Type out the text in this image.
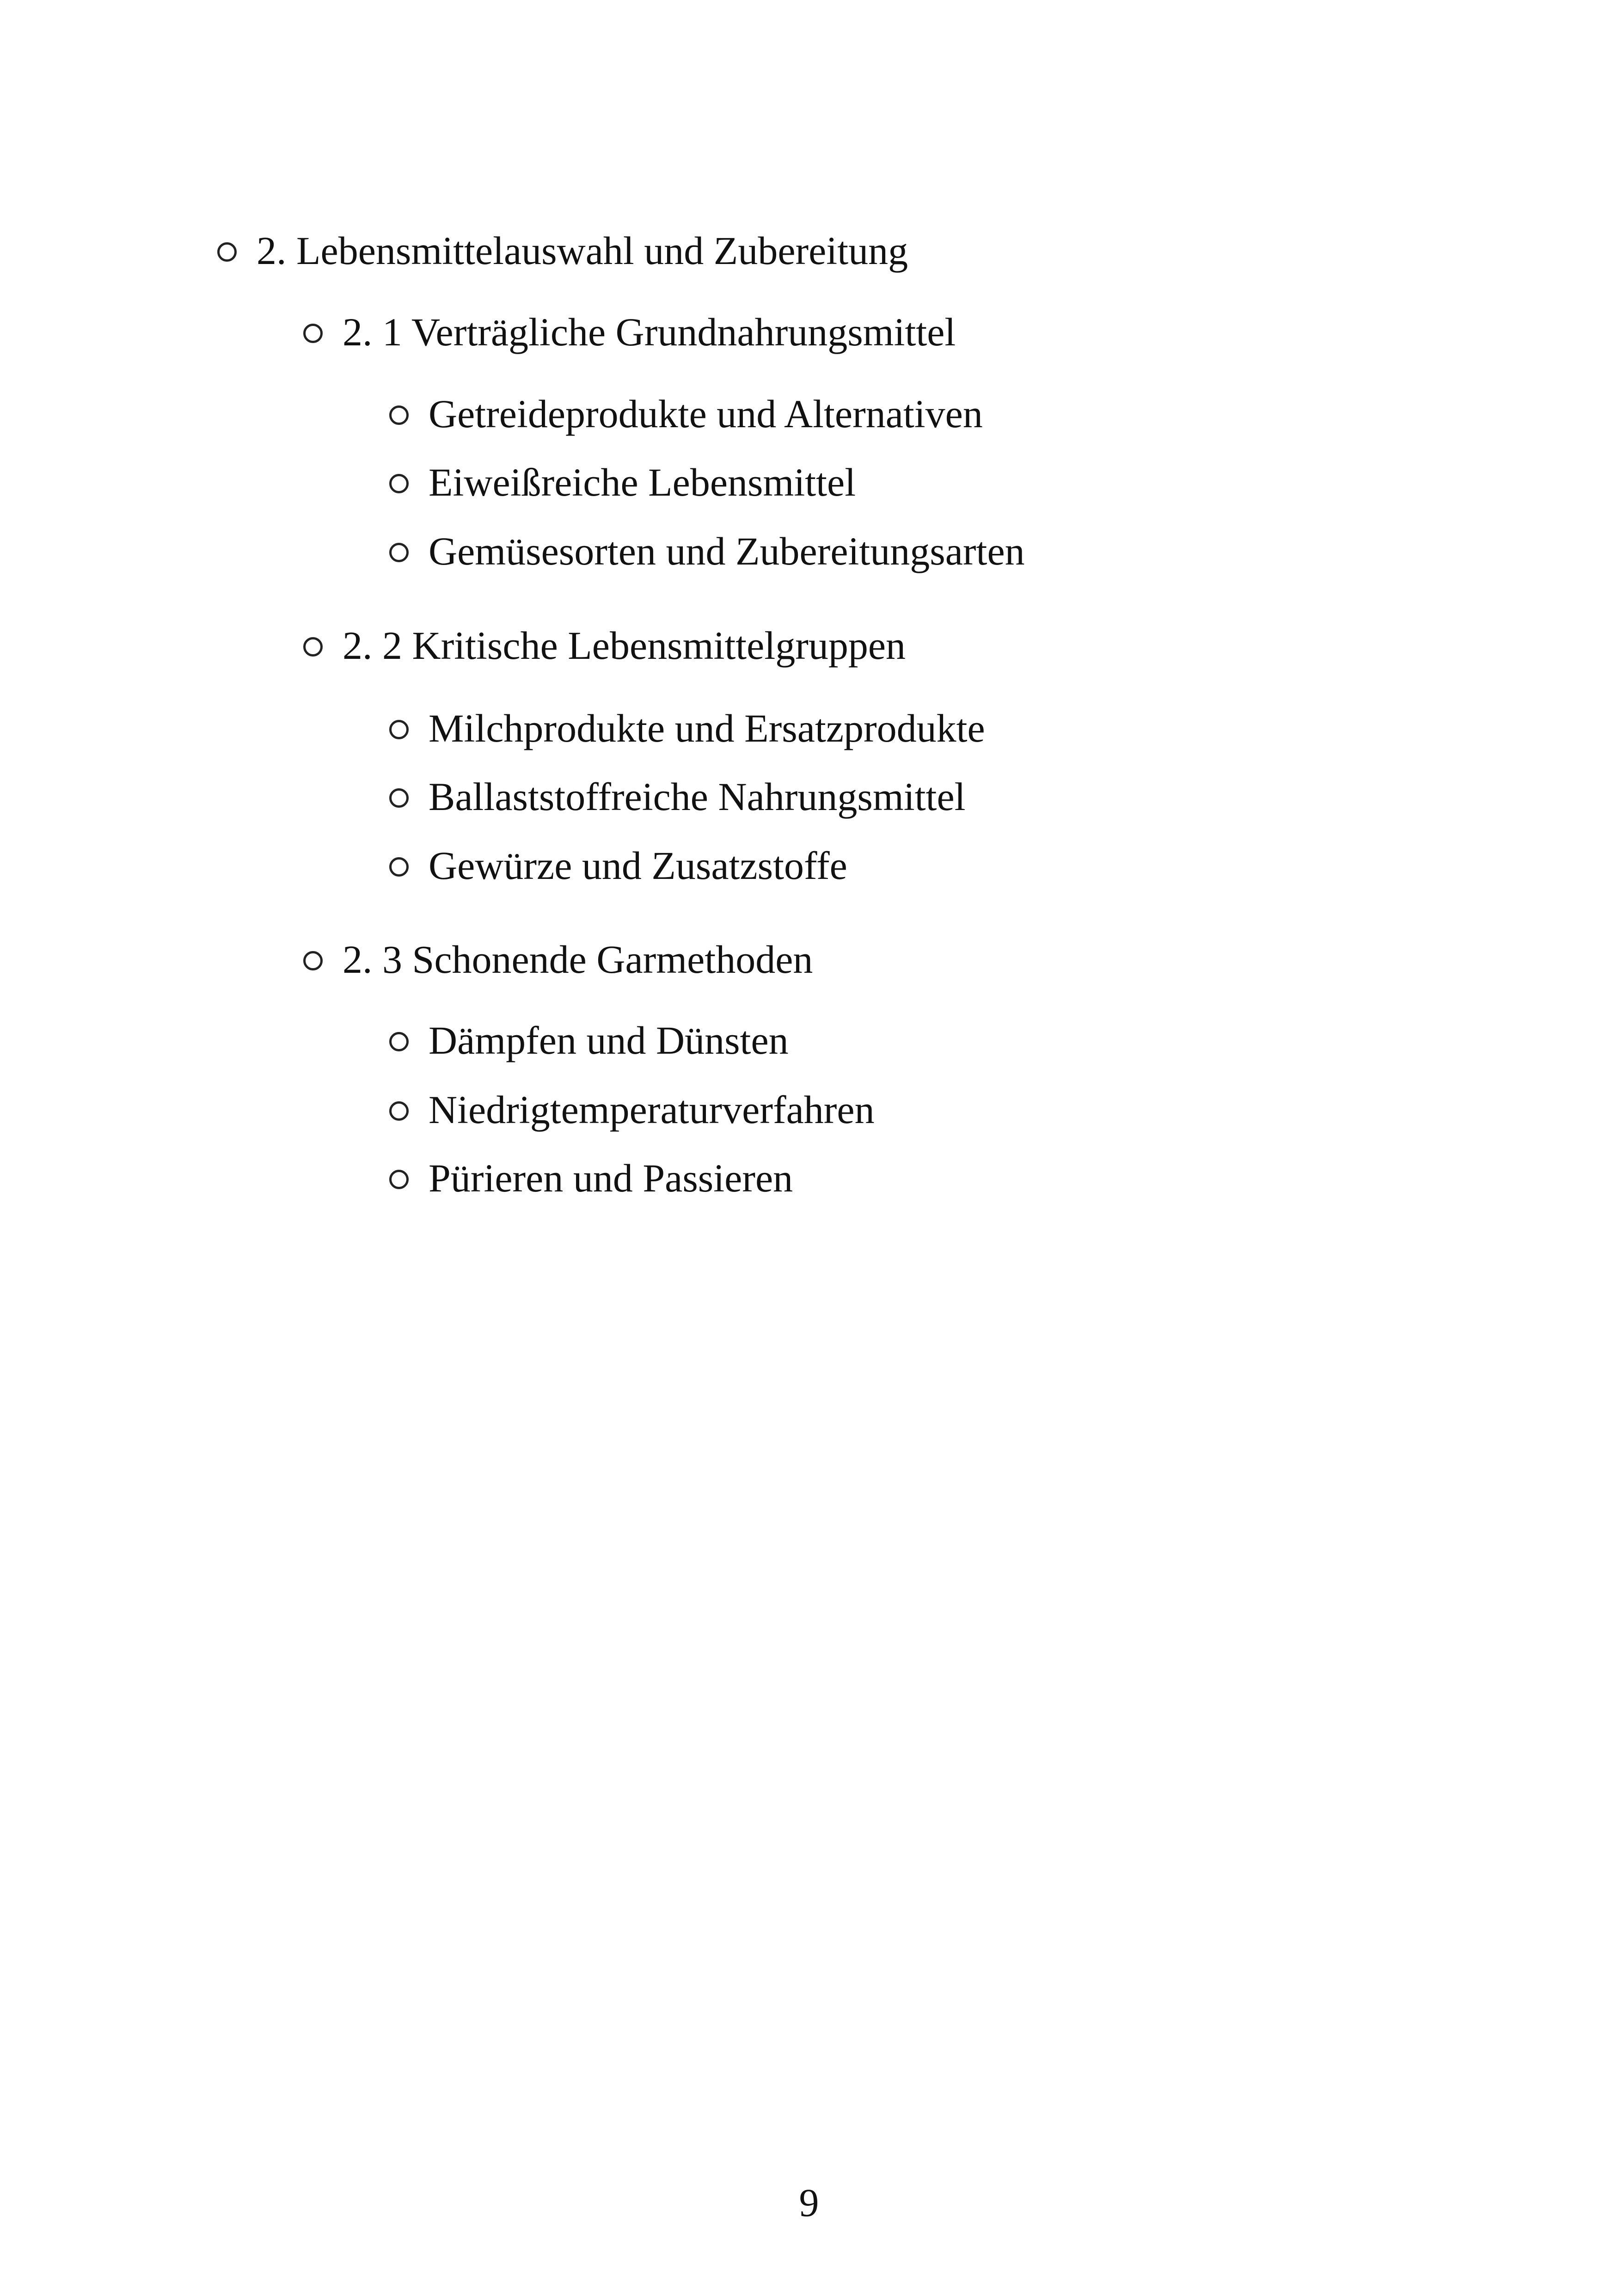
2. Lebensmittelauswahl und Zubereitung
2. 1 Verträgliche Grundnahrungsmittel
Getreideprodukte und Alternativen
Eiweißreiche Lebensmittel
Gemüsesorten und Zubereitungsarten
2. 2 Kritische Lebensmittelgruppen
Milchprodukte und Ersatzprodukte
Ballaststoffreiche Nahrungsmittel
Gewürze und Zusatzstoffe
2. 3 Schonende Garmethoden
Dämpfen und Dünsten
Niedrigtemperaturverfahren
Pürieren und Passieren
9
